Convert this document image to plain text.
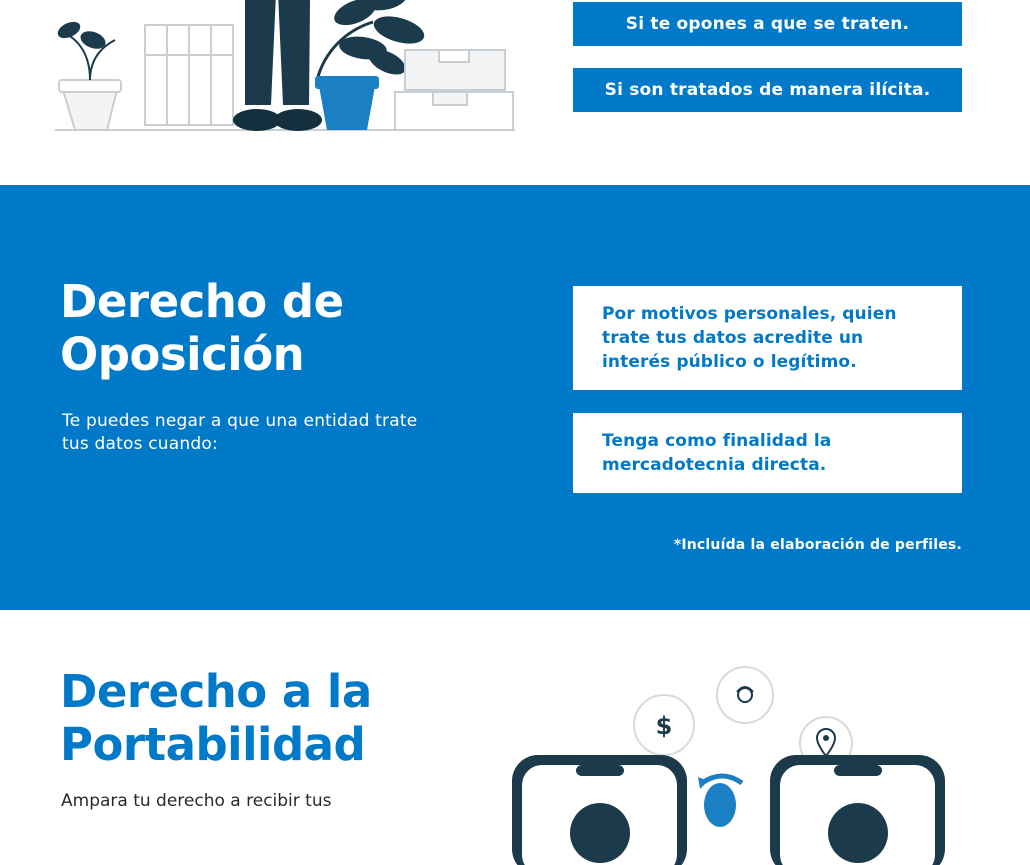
Si te opones a que se traten.
Si son tratados de manera ilícita.
Derecho de
Oposición
Te puedes negar a que una entidad trate tus datos cuando:
Por motivos personales, quien trate tus datos acredite un interés público o legítimo.
Tenga como finalidad la mercadotecnia directa.
*Incluída la elaboración de perfiles.
Derecho a la
Portabilidad
Ampara tu derecho a recibir tus
$
